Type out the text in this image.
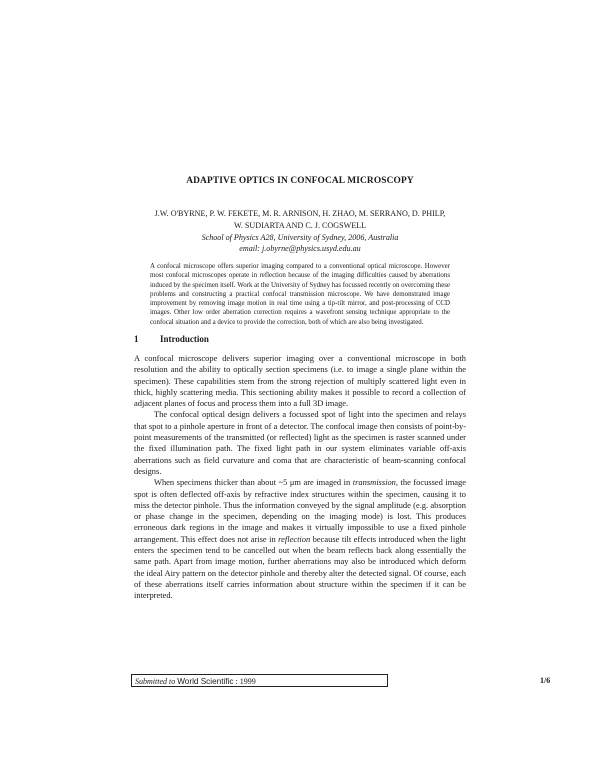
ADAPTIVE OPTICS IN CONFOCAL MICROSCOPY
J.W. O'BYRNE, P. W. FEKETE, M. R. ARNISON, H. ZHAO, M. SERRANO, D. PHILP,
W. SUDIARTA AND C. J. COGSWELL
School of Physics A28, University of Sydney, 2006, Australia
email: j.obyrne@physics.usyd.edu.au
A confocal microscope offers superior imaging compared to a conventional optical microscope. However most confocal microscopes operate in reflection because of the imaging difficulties caused by aberrations induced by the specimen itself. Work at the University of Sydney has focussed recently on overcoming these problems and constructing a practical confocal transmission microscope. We have demonstrated image improvement by removing image motion in real time using a tip-tilt mirror, and post-processing of CCD images. Other low order aberration correction requires a wavefront sensing technique appropriate to the confocal situation and a device to provide the correction, both of which are also being investigated.
1 Introduction

A confocal microscope delivers superior imaging over a conventional microscope in both resolution and the ability to optically section specimens (i.e. to image a single plane within the specimen). These capabilities stem from the strong rejection of multiply scattered light even in thick, highly scattering media. This sectioning ability makes it possible to record a collection of adjacent planes of focus and process them into a full 3D image.

The confocal optical design delivers a focussed spot of light into the specimen and relays that spot to a pinhole aperture in front of a detector. The confocal image then consists of point-by-point measurements of the transmitted (or reflected) light as the specimen is raster scanned under the fixed illumination path. The fixed light path in our system eliminates variable off-axis aberrations such as field curvature and coma that are characteristic of beam-scanning confocal designs.

When specimens thicker than about ~5 μm are imaged in transmission, the focussed image spot is often deflected off-axis by refractive index structures within the specimen, causing it to miss the detector pinhole. Thus the information conveyed by the signal amplitude (e.g. absorption or phase change in the specimen, depending on the imaging mode) is lost. This produces erroneous dark regions in the image and makes it virtually impossible to use a fixed pinhole arrangement. This effect does not arise in reflection because tilt effects introduced when the light enters the specimen tend to be cancelled out when the beam reflects back along essentially the same path. Apart from image motion, further aberrations may also be introduced which deform the ideal Airy pattern on the detector pinhole and thereby alter the detected signal. Of course, each of these aberrations itself carries information about structure within the specimen if it can be interpreted.

Submitted to World Scientific : 1999	1/6
